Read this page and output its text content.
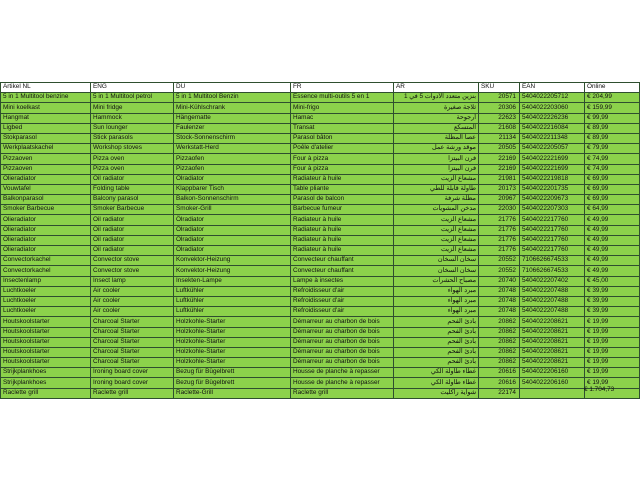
Artikel NL	ENG	DU	FR	AR	SKU	EAN	Online
5 in 1 Multitool benzine	5 in 1 Multitool petrol	5 in 1 Multitool Benzin	Essence multi-outils 5 en 1	بنزين متعدد الأدوات 5 في 1	20571	5404022205712	€ 204,99
Mini koelkast	Mini fridge	Mini-Kühlschrank	Mini-frigo	ثلاجة صغيرة	20306	5404022203060	€ 159,99
Hangmat	Hammock	Hängematte	Hamac	أرجوحة	22623	5404022226236	€ 99,99
Ligbed	Sun lounger	Faulenzer	Transat	المتسكع	21608	5404022216084	€ 89,99
Stokparasol	Stick parasols	Stock-Sonnenschirm	Parasol bâton	عصا المظلة	21134	5404022211348	€ 89,99
Werkplaatskachel	Workshop stoves	Werkstatt-Herd	Poêle d'atelier	موقد ورشة عمل	20505	5404022205057	€ 79,99
Pizzaoven	Pizza oven	Pizzaofen	Four à pizza	فرن البيتزا	22169	5404022221699	€ 74,99
Pizzaoven	Pizza oven	Pizzaofen	Four à pizza	فرن البيتزا	22169	5404022221699	€ 74,99
Olieradiator	Oil radiator	Ölradiator	Radiateur à huile	مشعاع الزيت	21981	5404022219818	€ 69,99
Vouwtafel	Folding table	Klappbarer Tisch	Table pliante	طاولة قابلة للطي	20173	5404022201735	€ 69,99
Balkonparasol	Balcony parasol	Balkon-Sonnenschirm	Parasol de balcon	مظلة شرفة	20967	5404022209673	€ 69,99
Smoker Barbecue	Smoker Barbecue	Smoker-Grill	Barbecue fumeur	مدخن المشويات	22030	5404022207303	€ 64,99
Olieradiator	Oil radiator	Ölradiator	Radiateur à huile	مشعاع الزيت	21776	5404022217760	€ 49,99
Olieradiator	Oil radiator	Ölradiator	Radiateur à huile	مشعاع الزيت	21776	5404022217760	€ 49,99
Olieradiator	Oil radiator	Ölradiator	Radiateur à huile	مشعاع الزيت	21776	5404022217760	€ 49,99
Olieradiator	Oil radiator	Ölradiator	Radiateur à huile	مشعاع الزيت	21776	5404022217760	€ 49,99
Convectorkachel	Convector stove	Konvektor-Heizung	Convecteur chauffant	سخان السخان	20552	7106626674533	€ 49,99
Convectorkachel	Convector stove	Konvektor-Heizung	Convecteur chauffant	سخان السخان	20552	7106626674533	€ 49,99
Insectenlamp	Insect lamp	Insekten-Lampe	Lampe à insectes	مصباح الحشرات	20740	5404022207402	€ 45,00
Luchtkoeler	Air cooler	Luftkühler	Refroidisseur d'air	مبرد الهواء	20748	5404022207488	€ 39,99
Luchtkoeler	Air cooler	Luftkühler	Refroidisseur d'air	مبرد الهواء	20748	5404022207488	€ 39,99
Luchtkoeler	Air cooler	Luftkühler	Refroidisseur d'air	مبرد الهواء	20748	5404022207488	€ 39,99
Houtskoolstarter	Charcoal Starter	Holzkohle-Starter	Démarreur au charbon de bois	بادئ الفحم	20862	5404022208621	€ 19,99
Houtskoolstarter	Charcoal Starter	Holzkohle-Starter	Démarreur au charbon de bois	بادئ الفحم	20862	5404022208621	€ 19,99
Houtskoolstarter	Charcoal Starter	Holzkohle-Starter	Démarreur au charbon de bois	بادئ الفحم	20862	5404022208621	€ 19,99
Houtskoolstarter	Charcoal Starter	Holzkohle-Starter	Démarreur au charbon de bois	بادئ الفحم	20862	5404022208621	€ 19,99
Houtskoolstarter	Charcoal Starter	Holzkohle-Starter	Démarreur au charbon de bois	بادئ الفحم	20862	5404022208621	€ 19,99
Strijkplankhoes	Ironing board cover	Bezug für Bügelbrett	Housse de planche à repasser	غطاء طاولة الكي	20616	5404022206160	€ 19,99
Strijkplankhoes	Ironing board cover	Bezug für Bügelbrett	Housse de planche à repasser	غطاء طاولة الكي	20616	5404022206160	€ 19,99
Raclette grill	Raclette grill	Raclette-Grill	Raclette grill	شواية راكليت	22174			€ 1.704,73
